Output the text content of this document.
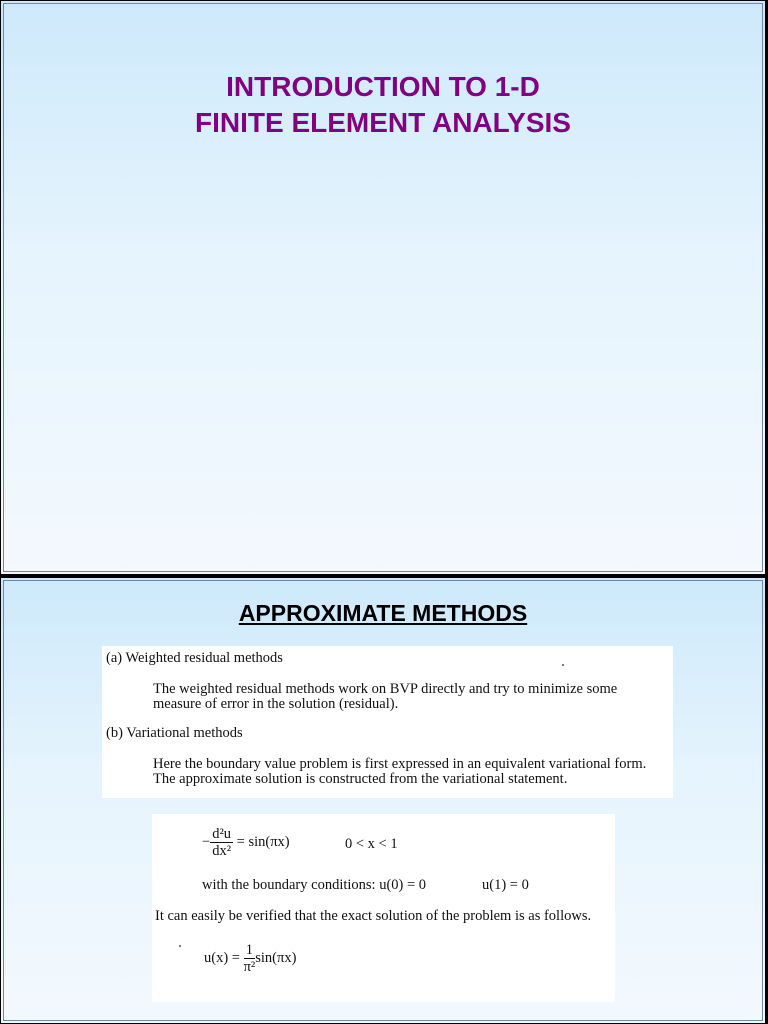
INTRODUCTION TO 1-D
FINITE ELEMENT ANALYSIS
APPROXIMATE METHODS
(a) Weighted residual methods
The weighted residual methods work on BVP directly and try to minimize some
measure of error in the solution (residual).
(b) Variational methods
Here the boundary value problem is first expressed in an equivalent variational form.
The approximate solution is constructed from the variational statement.
− $\frac{\text{d²u}}{\text{dx²}} = \sin(\pi x)$	0 < x < 1
with the boundary conditions: u(0) = 0	u(1) = 0
It can easily be verified that the exact solution of the problem is as follows.
$u(x) = \frac{1}{\text{π²}} \sin(\pi x)$
